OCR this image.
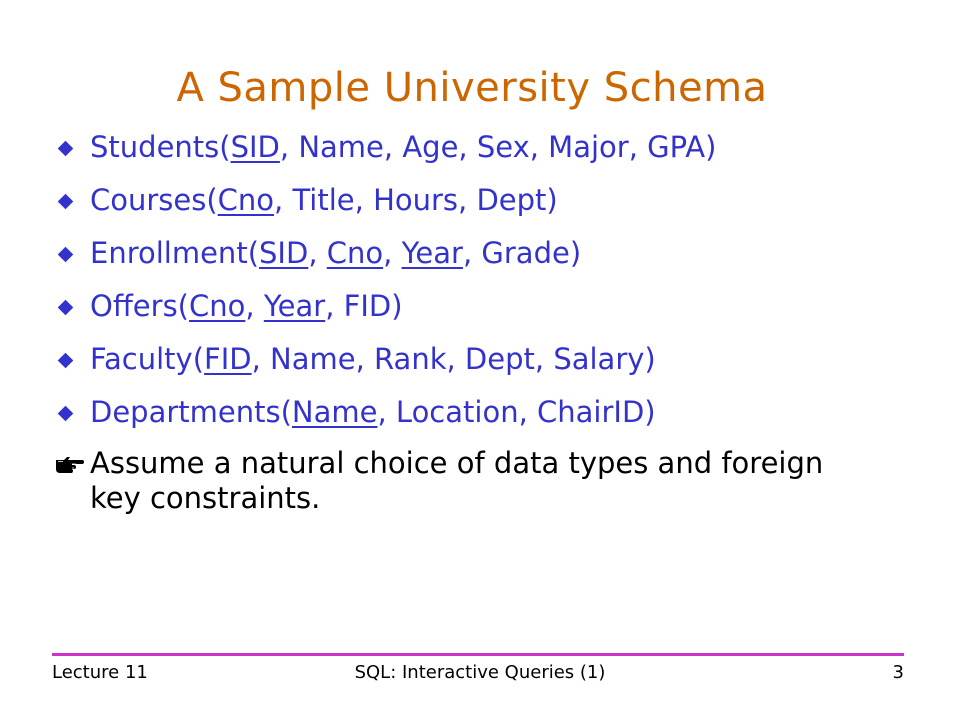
A Sample University Schema
Students(SID, Name, Age, Sex, Major, GPA)
Courses(Cno, Title, Hours, Dept)
Enrollment(SID, Cno, Year, Grade)
Offers(Cno, Year, FID)
Faculty(FID, Name, Rank, Dept, Salary)
Departments(Name, Location, ChairID)
Assume a natural choice of data types and foreign key constraints.
Lecture 11	SQL: Interactive Queries (1)	3
